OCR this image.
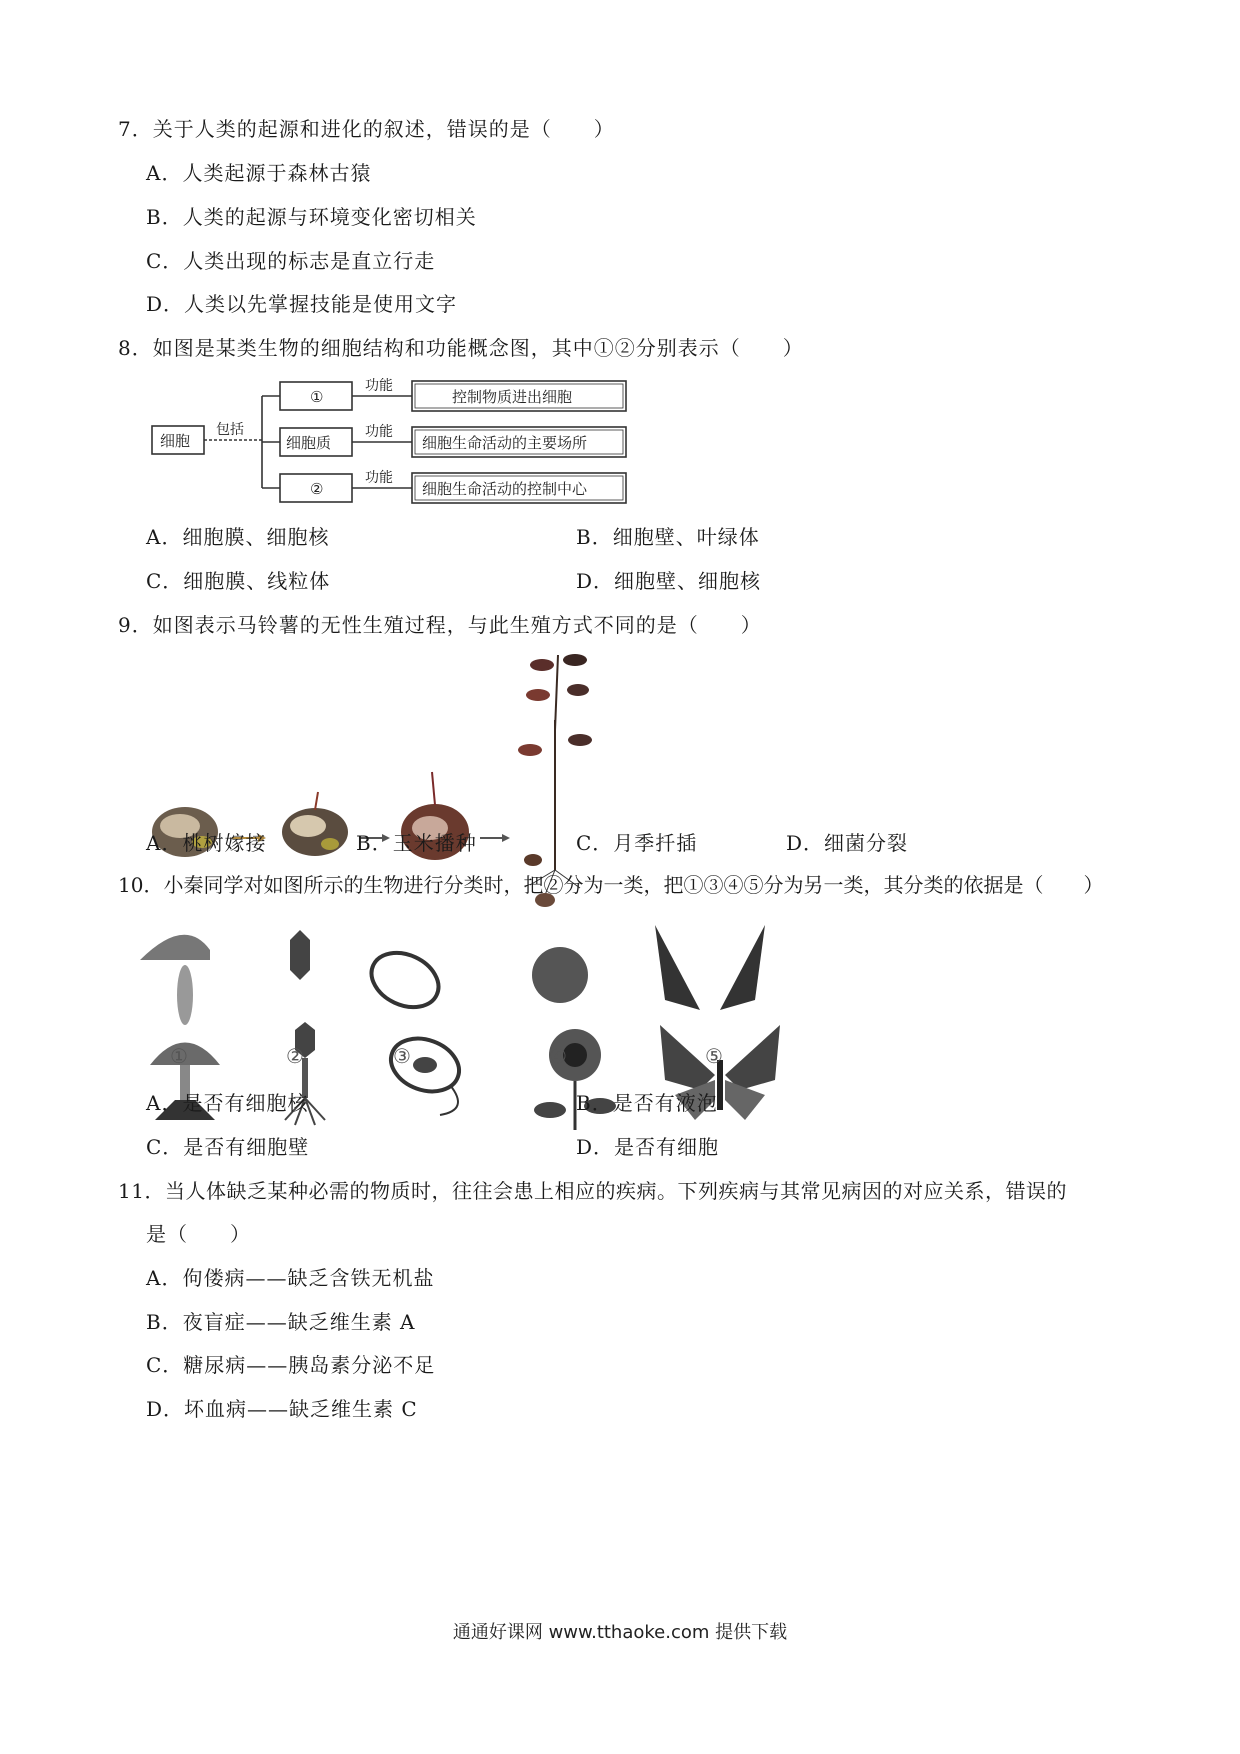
7．关于人类的起源和进化的叙述，错误的是（　　）
A．人类起源于森林古猿
B．人类的起源与环境变化密切相关
C．人类出现的标志是直立行走
D．人类以先掌握技能是使用文字
8．如图是某类生物的细胞结构和功能概念图，其中①②分别表示（　　）
细胞
包括
①
细胞质
②
功能
功能
功能
控制物质进出细胞
细胞生命活动的主要场所
细胞生命活动的控制中心
A．细胞膜、细胞核	B．细胞壁、叶绿体
C．细胞膜、线粒体	D．细胞壁、细胞核
9．如图表示马铃薯的无性生殖过程，与此生殖方式不同的是（　　）
A．桃树嫁接	B．玉米播种	C．月季扦插	D．细菌分裂
10．小秦同学对如图所示的生物进行分类时，把②分为一类，把①③④⑤分为另一类，其分类的依据是（　　）
①	②	③	④	⑤
A．是否有细胞核	B．是否有液泡
C．是否有细胞壁	D．是否有细胞
11．当人体缺乏某种必需的物质时，往往会患上相应的疾病。下列疾病与其常见病因的对应关系，错误的
是（　　）
A．佝偻病——缺乏含铁无机盐
B．夜盲症——缺乏维生素 A
C．糖尿病——胰岛素分泌不足
D．坏血病——缺乏维生素 C
通通好课网 www.tthaoke.com 提供下载
